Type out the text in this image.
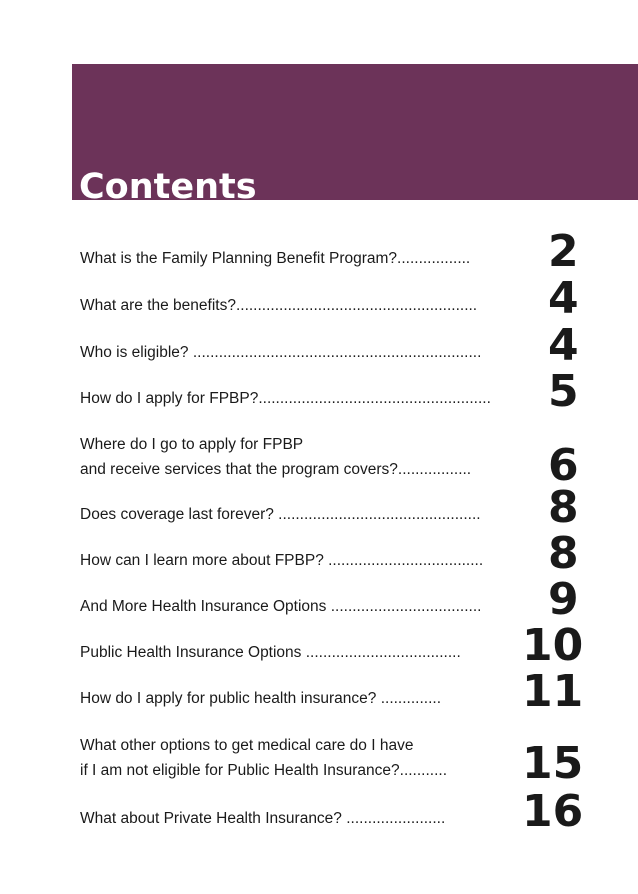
Contents
What is the Family Planning Benefit Program?................. 2
What are the benefits?........................................................ 4
Who is eligible? ................................................................... 4
How do I apply for FPBP?...................................................... 5
Where do I go to apply for FPBP
and receive services that the program covers?................. 6
Does coverage last forever? ............................................... 8
How can I learn more about FPBP? .................................... 8
And More Health Insurance Options ................................... 9
Public Health Insurance Options .................................... 10
How do I apply for public health insurance? .............. 11
What other options to get medical care do I have
if I am not eligible for Public Health Insurance?........... 15
What about Private Health Insurance? ....................... 16
